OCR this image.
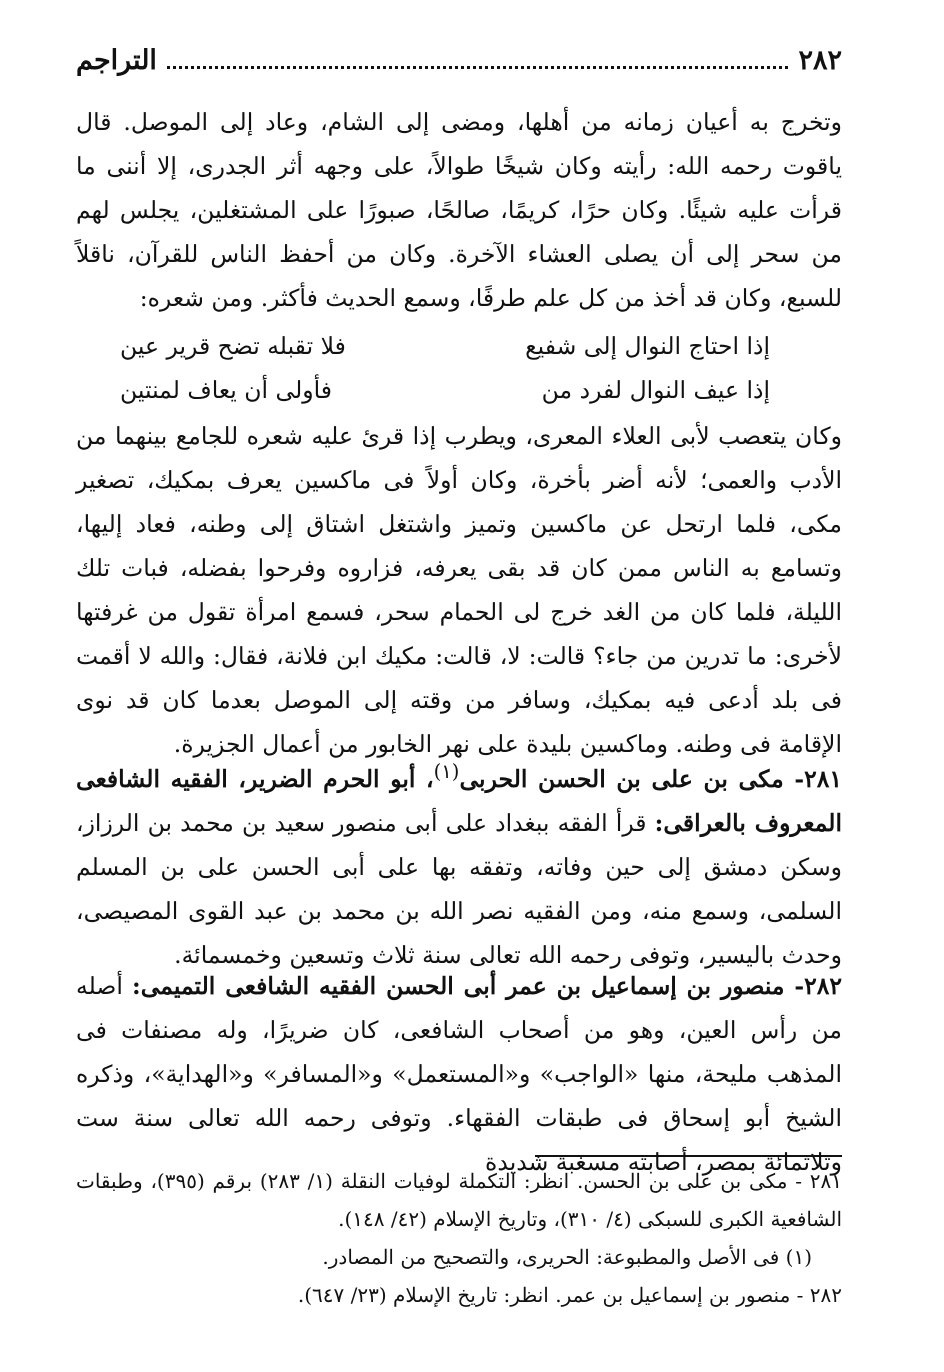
٢٨٢
التراجم

وتخرج به أعيان زمانه من أهلها، ومضى إلى الشام، وعاد إلى الموصل. قال ياقوت رحمه الله: رأيته وكان شيخًا طوالاً، على وجهه أثر الجدرى، إلا أننى ما قرأت عليه شيئًا. وكان حرًا، كريمًا، صالحًا، صبورًا على المشتغلين، يجلس لهم من سحر إلى أن يصلى العشاء الآخرة. وكان من أحفظ الناس للقرآن، ناقلاً للسبع، وكان قد أخذ من كل علم طرفًا، وسمع الحديث فأكثر. ومن شعره:

إذا احتاج النوال إلى شفيع
فلا تقبله تضح قرير عين
إذا عيف النوال لفرد من
فأولى أن يعاف لمنتين

وكان يتعصب لأبى العلاء المعرى، ويطرب إذا قرئ عليه شعره للجامع بينهما من الأدب والعمى؛ لأنه أضر بأخرة، وكان أولاً فى ماكسين يعرف بمكيك، تصغير مكى، فلما ارتحل عن ماكسين وتميز واشتغل اشتاق إلى وطنه، فعاد إليها، وتسامع به الناس ممن كان قد بقى يعرفه، فزاروه وفرحوا بفضله، فبات تلك الليلة، فلما كان من الغد خرج لى الحمام سحر، فسمع امرأة تقول من غرفتها لأخرى: ما تدرين من جاء؟ قالت: لا، قالت: مكيك ابن فلانة، فقال: والله لا أقمت فى بلد أدعى فيه بمكيك، وسافر من وقته إلى الموصل بعدما كان قد نوى الإقامة فى وطنه. وماكسين بليدة على نهر الخابور من أعمال الجزيرة.

٢٨١- مكى بن على بن الحسن الحربى$^{(١)}$، أبو الحرم الضرير، الفقيه الشافعى المعروف بالعراقى: قرأ الفقه ببغداد على أبى منصور سعيد بن محمد بن الرزاز، وسكن دمشق إلى حين وفاته، وتفقه بها على أبى الحسن على بن المسلم السلمى، وسمع منه، ومن الفقيه نصر الله بن محمد بن عبد القوى المصيصى، وحدث باليسير، وتوفى رحمه الله تعالى سنة ثلاث وتسعين وخمسمائة.

٢٨٢- منصور بن إسماعيل بن عمر أبى الحسن الفقيه الشافعى التميمى: أصله من رأس العين، وهو من أصحاب الشافعى، كان ضريرًا، وله مصنفات فى المذهب مليحة، منها «الواجب» و«المستعمل» و«المسافر» و«الهداية»، وذكره الشيخ أبو إسحاق فى طبقات الفقهاء. وتوفى رحمه الله تعالى سنة ست وثلاثمائة بمصر، أصابته مسغبة شديدة

٢٨١ - مكى بن على بن الحسن. انظر: التكملة لوفيات النقلة (١/ ٢٨٣) برقم (٣٩٥)، وطبقات الشافعية الكبرى للسبكى (٤/ ٣١٠)، وتاريخ الإسلام (٤٢/ ١٤٨).

(١) فى الأصل والمطبوعة: الحريرى، والتصحيح من المصادر.

٢٨٢ - منصور بن إسماعيل بن عمر. انظر: تاريخ الإسلام (٢٣/ ٦٤٧).
